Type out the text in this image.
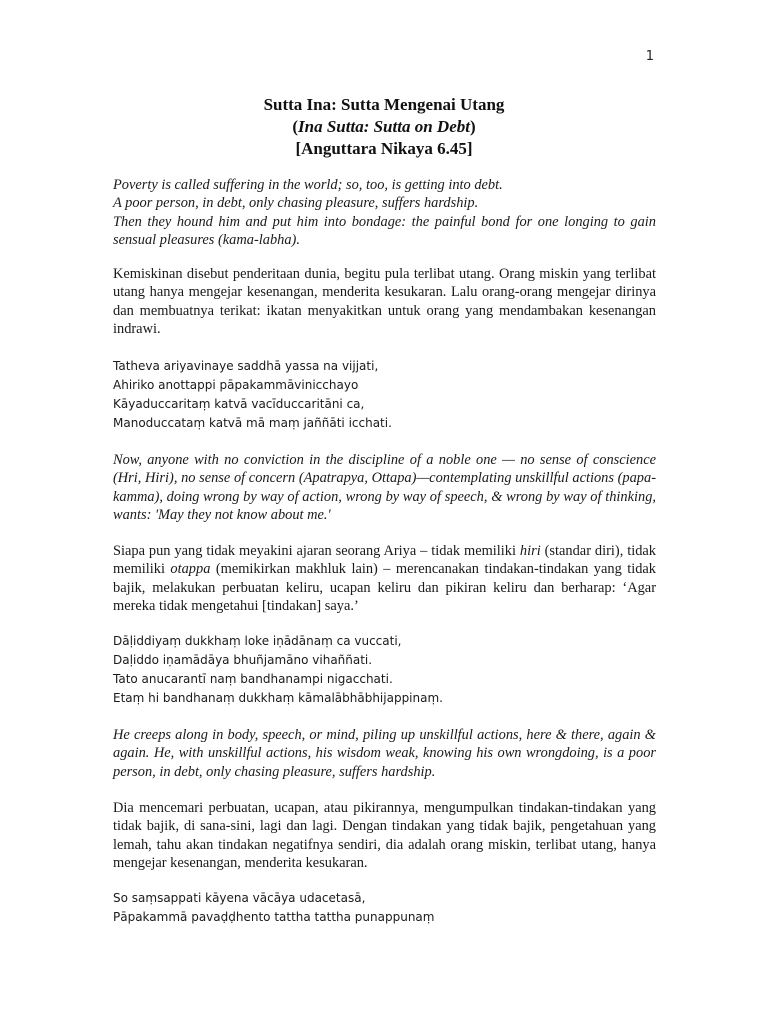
1
Sutta Ina: Sutta Mengenai Utang
(Ina Sutta: Sutta on Debt)
[Anguttara Nikaya 6.45]
Poverty is called suffering in the world; so, too, is getting into debt.
A poor person, in debt, only chasing pleasure, suffers hardship.
Then they hound him and put him into bondage: the painful bond for one longing to gain sensual pleasures (kama-labha).

Kemiskinan disebut penderitaan dunia, begitu pula terlibat utang. Orang miskin yang terlibat utang hanya mengejar kesenangan, menderita kesukaran. Lalu orang-orang mengejar dirinya dan membuatnya terikat: ikatan menyakitkan untuk orang yang mendambakan kesenangan indrawi.

Tatheva ariyavinaye saddhā yassa na vijjati,
Ahiriko anottappi pāpakammāvinicchayo
Kāyaduccaritaṃ katvā vacīduccaritāni ca,
Manoduccataṃ katvā mā maṃ jaññāti icchati.

Now, anyone with no conviction in the discipline of a noble one — no sense of conscience (Hri, Hiri), no sense of concern (Apatrapya, Ottapa)—contemplating unskillful actions (papa-kamma), doing wrong by way of action, wrong by way of speech, & wrong by way of thinking, wants: 'May they not know about me.'

Siapa pun yang tidak meyakini ajaran seorang Ariya – tidak memiliki hiri (standar diri), tidak memiliki otappa (memikirkan makhluk lain) – merencanakan tindakan-tindakan yang tidak bajik, melakukan perbuatan keliru, ucapan keliru dan pikiran keliru dan berharap: ‘Agar mereka tidak mengetahui [tindakan] saya.’

Dāḷiddiyaṃ dukkhaṃ loke iṇādānaṃ ca vuccati,
Daḷiddo iṇamādāya bhuñjamāno vihaññati.
Tato anucarantī naṃ bandhanampi nigacchati.
Etaṃ hi bandhanaṃ dukkhaṃ kāmalābhābhijappinaṃ.

He creeps along in body, speech, or mind, piling up unskillful actions, here & there, again & again. He, with unskillful actions, his wisdom weak, knowing his own wrongdoing, is a poor person, in debt, only chasing pleasure, suffers hardship.

Dia mencemari perbuatan, ucapan, atau pikirannya, mengumpulkan tindakan-tindakan yang tidak bajik, di sana-sini, lagi dan lagi. Dengan tindakan yang tidak bajik, pengetahuan yang lemah, tahu akan tindakan negatifnya sendiri, dia adalah orang miskin, terlibat utang, hanya mengejar kesenangan, menderita kesukaran.

So saṃsappati kāyena vācāya udacetasā,
Pāpakammā pavaḍḍhento tattha tattha punappunaṃ
